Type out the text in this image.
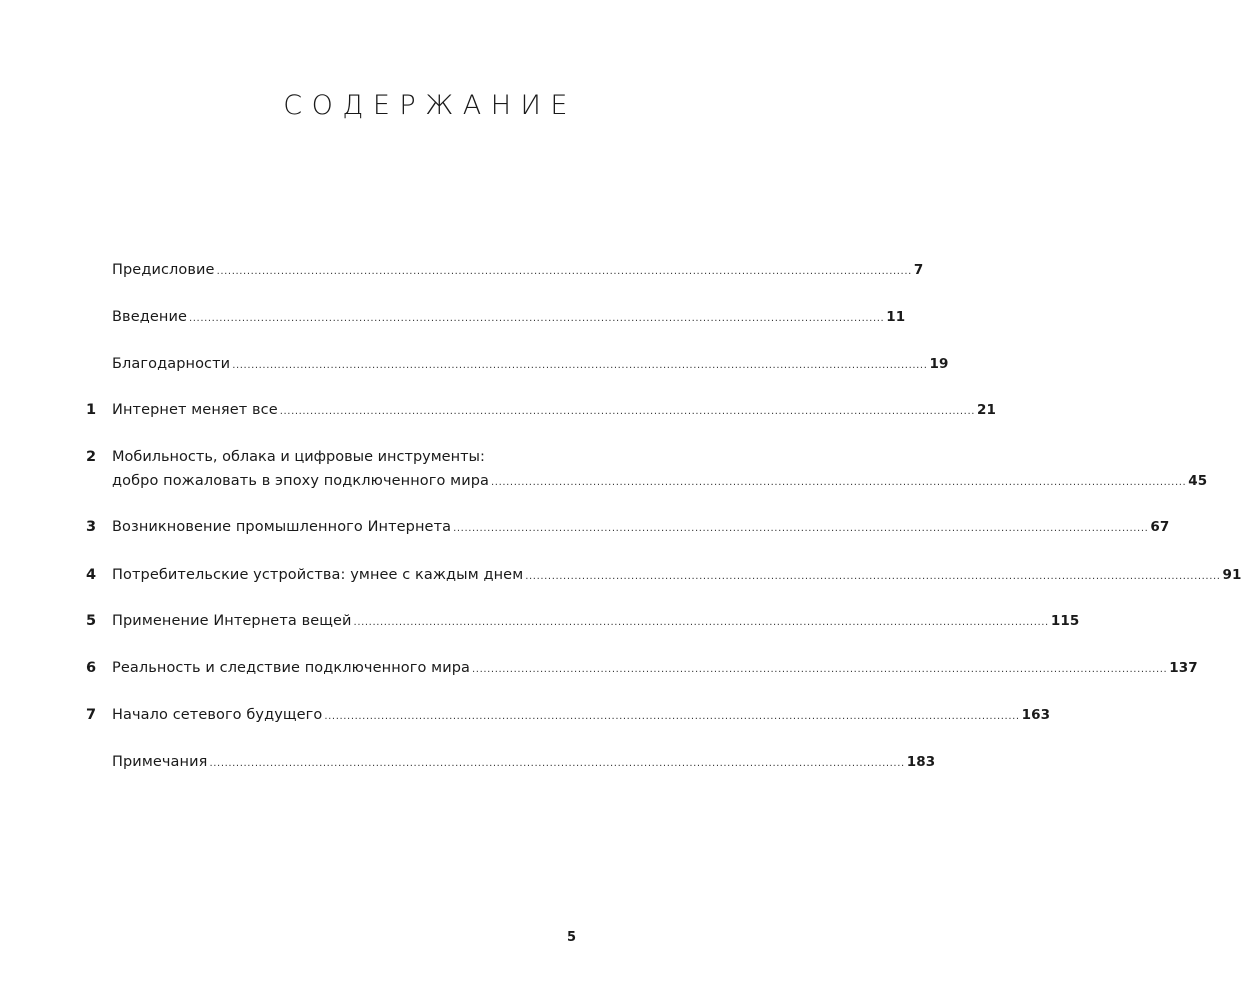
СОДЕРЖАНИЕ
Предисловие ........................................................................................................................................................................................ 7
Введение ........................................................................................................................................................................................ 11
Благодарности ........................................................................................................................................................................................ 19
1 Интернет меняет все ........................................................................................................................................................................................ 21
2 Мобильность, облака и цифровые инструменты:
добро пожаловать в эпоху подключенного мира ........................................................................................................................................................................................ 45
3 Возникновение промышленного Интернета ........................................................................................................................................................................................ 67
4 Потребительские устройства: умнее с каждым днем ........................................................................................................................................................................................ 91
5 Применение Интернета вещей ........................................................................................................................................................................................ 115
6 Реальность и следствие подключенного мира ........................................................................................................................................................................................ 137
7 Начало сетевого будущего ........................................................................................................................................................................................ 163
Примечания ........................................................................................................................................................................................ 183
5
